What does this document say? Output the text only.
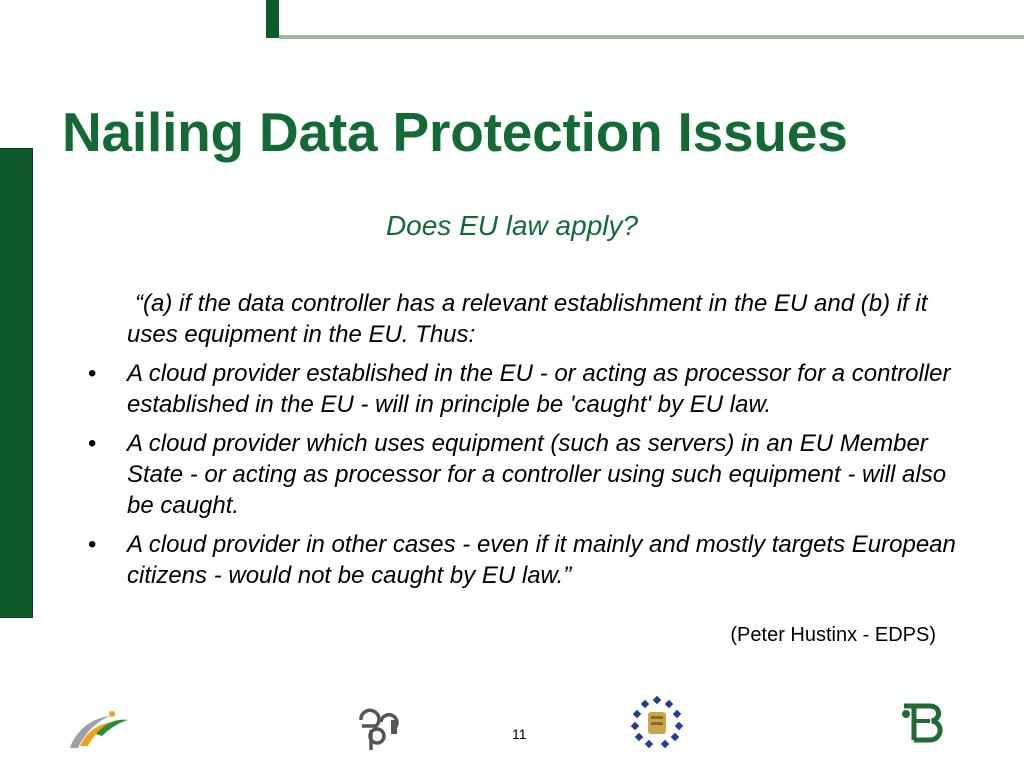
Nailing Data Protection Issues
Does EU law apply?

“(a) if the data controller has a relevant establishment in the EU and (b) if it uses equipment in the EU. Thus:

• A cloud provider established in the EU - or acting as processor for a controller established in the EU - will in principle be 'caught' by EU law.
• A cloud provider which uses equipment (such as servers) in an EU Member State - or acting as processor for a controller using such equipment - will also be caught.
• A cloud provider in other cases - even if it mainly and mostly targets European citizens - would not be caught by EU law.”
(Peter Hustinx - EDPS)
11
